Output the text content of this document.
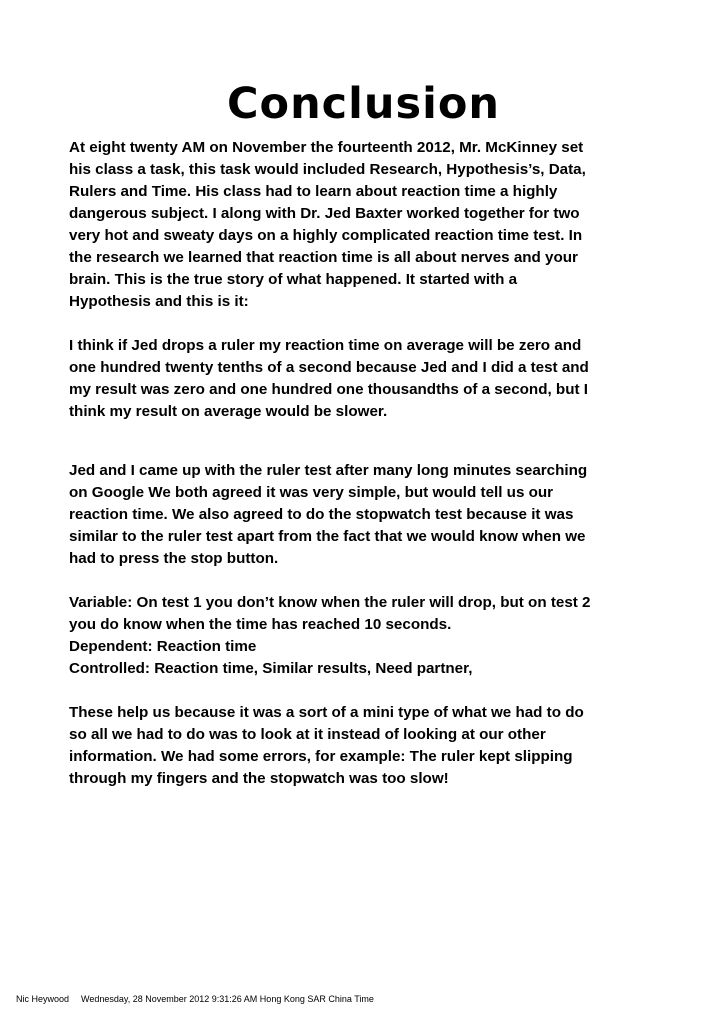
Conclusion

At eight twenty AM on November the fourteenth 2012, Mr. McKinney set
his class a task, this task would included Research, Hypothesis’s, Data,
Rulers and Time. His class had to learn about reaction time a highly
dangerous subject. I along with Dr. Jed Baxter worked together for two
very hot and sweaty days on a highly complicated reaction time test. In
the research we learned that reaction time is all about nerves and your
brain. This is the true story of what happened. It started with a
Hypothesis and this is it:

I think if Jed drops a ruler my reaction time on average will be zero and
one hundred twenty tenths of a second because Jed and I did a test and
my result was zero and one hundred one thousandths of a second, but I
think my result on average would be slower.

Jed and I came up with the ruler test after many long minutes searching
on Google We both agreed it was very simple, but would tell us our
reaction time. We also agreed to do the stopwatch test because it was
similar to the ruler test apart from the fact that we would know when we
had to press the stop button.

Variable: On test 1 you don’t know when the ruler will drop, but on test 2
you do know when the time has reached 10 seconds.
Dependent: Reaction time
Controlled: Reaction time, Similar results, Need partner,

These help us because it was a sort of a mini type of what we had to do
so all we had to do was to look at it instead of looking at our other
information. We had some errors, for example: The ruler kept slipping
through my fingers and the stopwatch was too slow!

Nic Heywood Wednesday, 28 November 2012 9:31:26 AM Hong Kong SAR China Time
